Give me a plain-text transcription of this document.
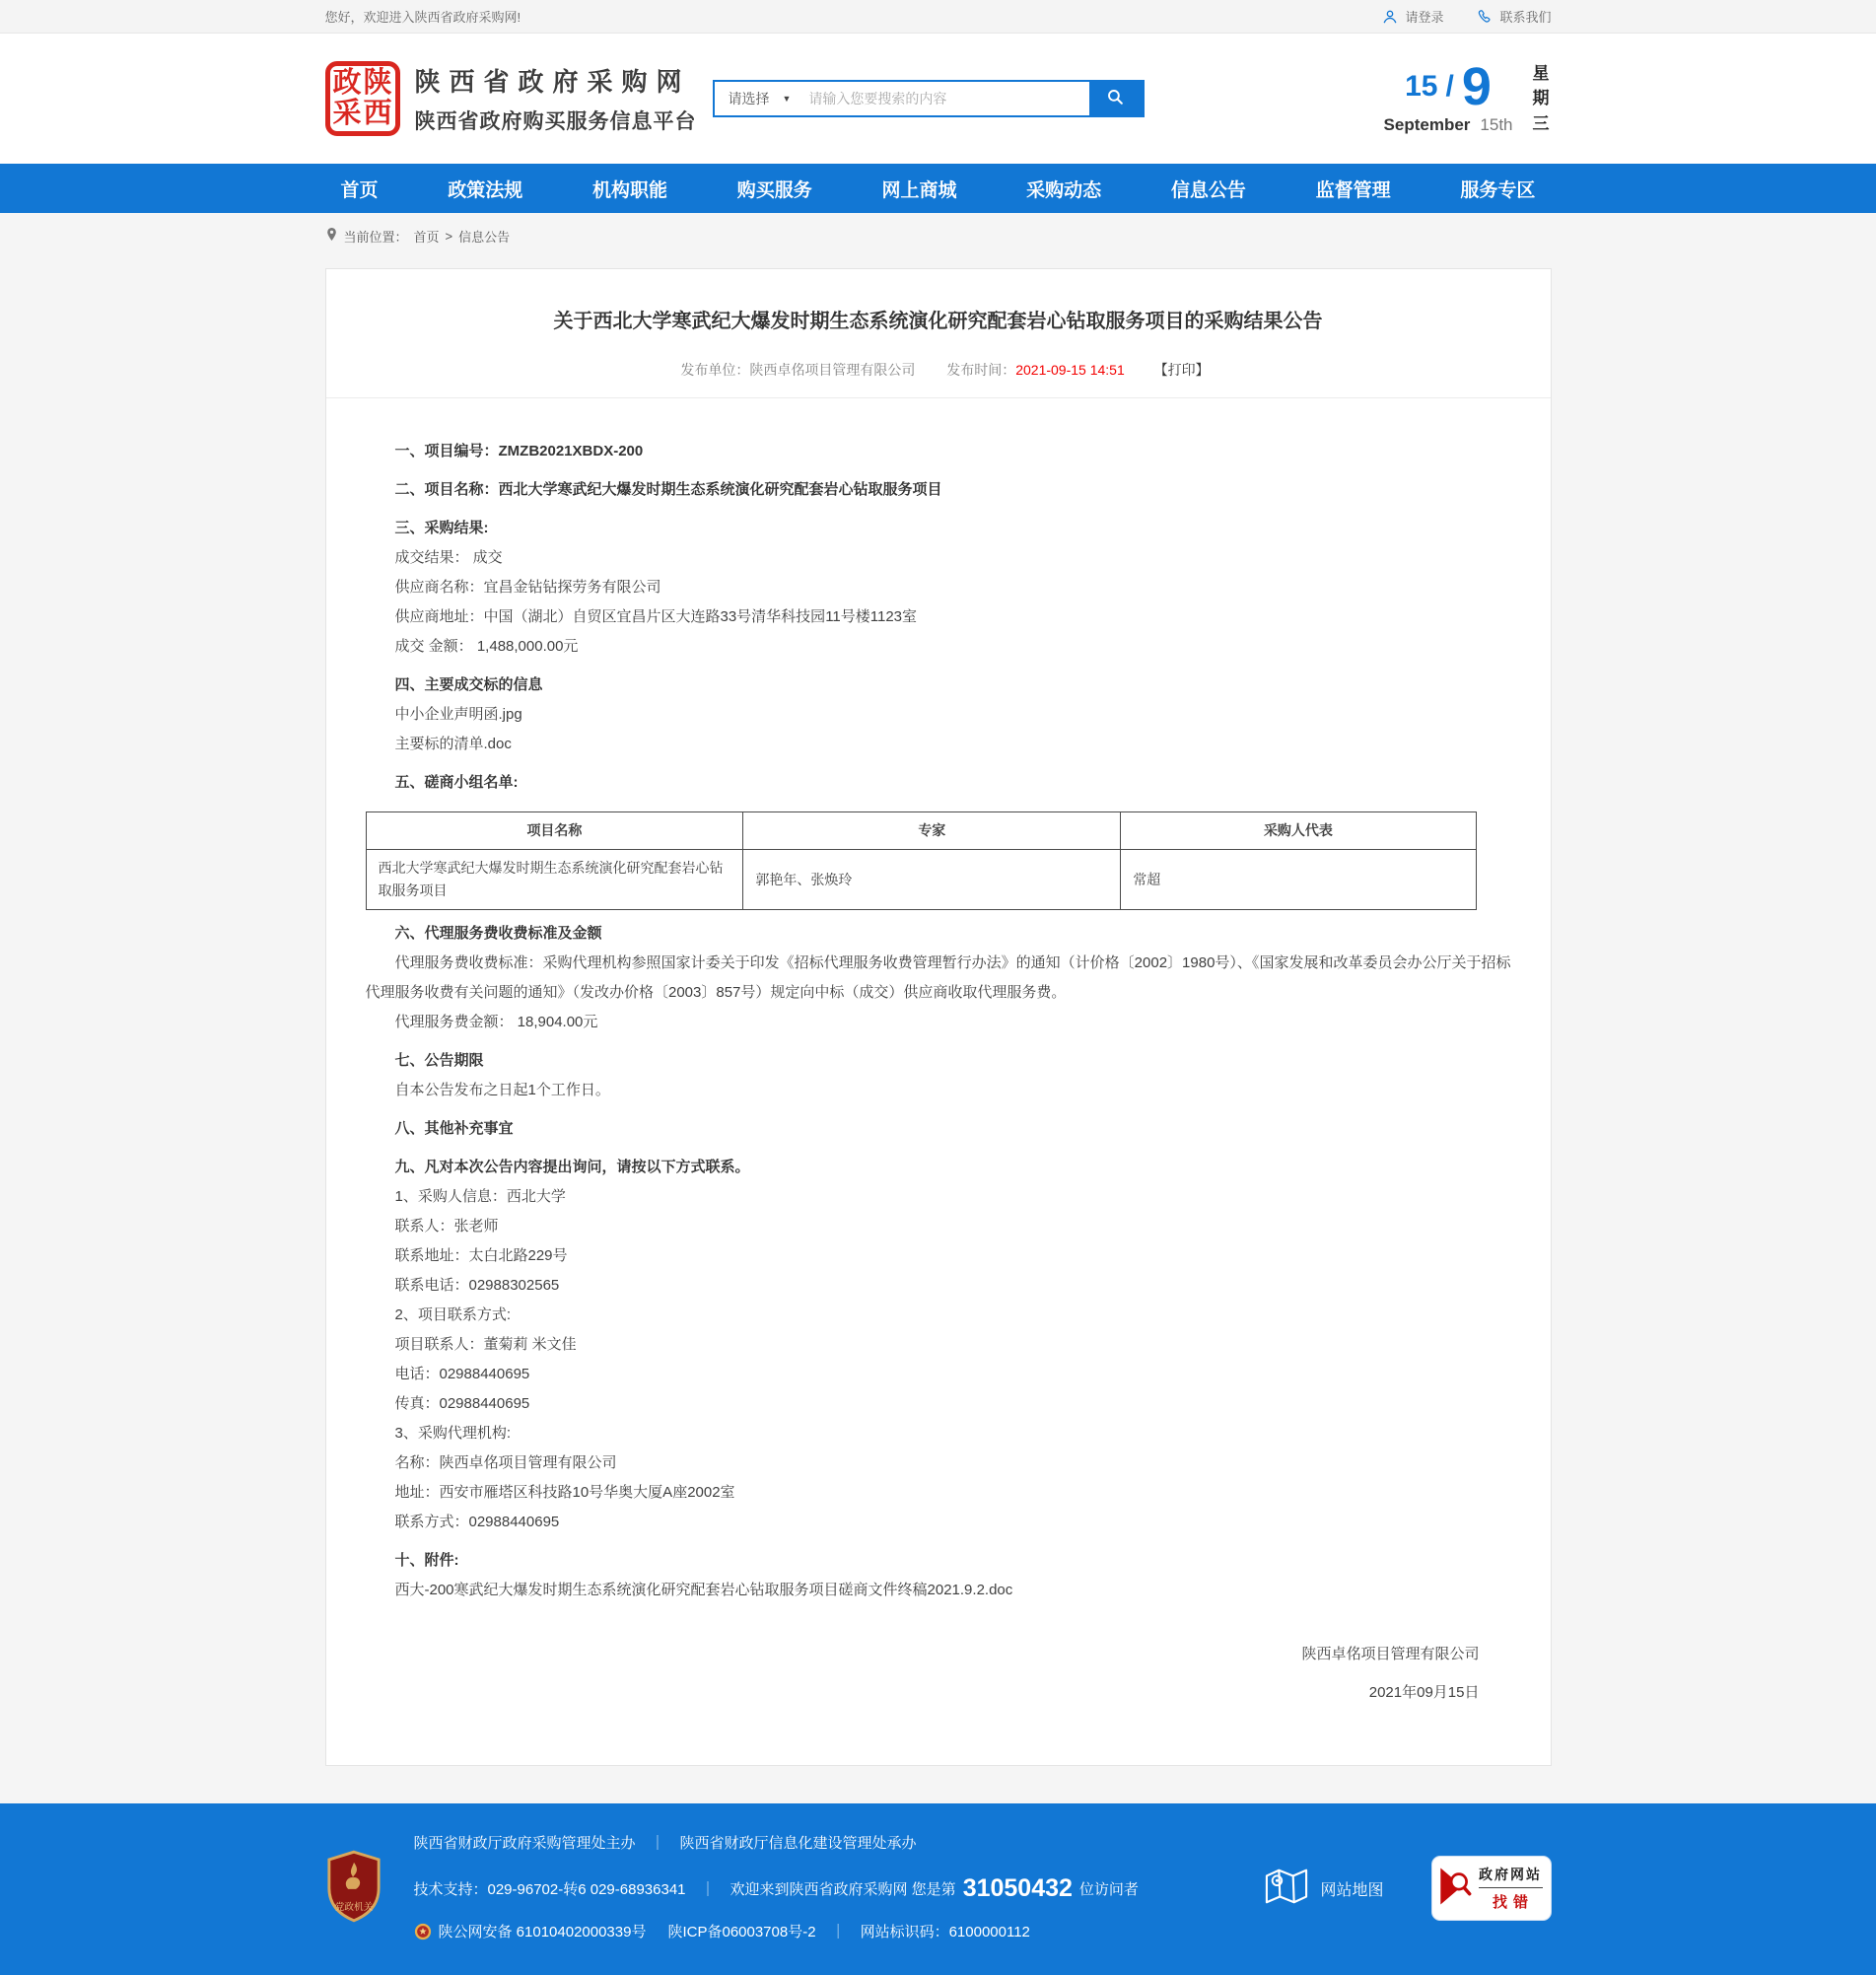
您好，欢迎进入陕西省政府采购网!	请登录	联系我们
政 陕
采 西
陕西省政府采购网
陕西省政府购买服务信息平台
请选择 ▼
请输入您要搜索的内容	15 / 9
September 15th
星期三
首页	政策法规	机构职能	购买服务	网上商城	采购动态	信息公告	监督管理	服务专区
当前位置： 首页 > 信息公告
关于西北大学寒武纪大爆发时期生态系统演化研究配套岩心钻取服务项目的采购结果公告
发布单位：陕西卓佲项目管理有限公司 发布时间：2021-09-15 14:51 【打印】

一、项目编号：ZMZB2021XBDX-200

二、项目名称：西北大学寒武纪大爆发时期生态系统演化研究配套岩心钻取服务项目

三、采购结果:

成交结果： 成交

供应商名称：宜昌金钻钻探劳务有限公司

供应商地址：中国（湖北）自贸区宜昌片区大连路33号清华科技园11号楼1123室

成交 金额： 1,488,000.00元

四、主要成交标的信息

中小企业声明函.jpg

主要标的清单.doc

五、磋商小组名单:

项目名称	专家	采购人代表
西北大学寒武纪大爆发时期生态系统演化研究配套岩心钻取服务项目	郭艳年、张焕玲	常超

六、代理服务费收费标准及金额

代理服务费收费标准：采购代理机构参照国家计委关于印发《招标代理服务收费管理暂行办法》的通知（计价格〔2002〕1980号）、《国家发展和改革委员会办公厅关于招标代理服务收费有关问题的通知》（发改办价格〔2003〕857号）规定向中标（成交）供应商收取代理服务费。

代理服务费金额： 18,904.00元

七、公告期限

自本公告发布之日起1个工作日。

八、其他补充事宜

九、凡对本次公告内容提出询问，请按以下方式联系。

1、采购人信息：西北大学

联系人：张老师

联系地址：太白北路229号

联系电话：02988302565

2、项目联系方式:

项目联系人：董菊莉 米文佳

电话：02988440695

传真：02988440695

3、采购代理机构:

名称：陕西卓佲项目管理有限公司

地址：西安市雁塔区科技路10号华奥大厦A座2002室

联系方式：02988440695

十、附件:

西大-200寒武纪大爆发时期生态系统演化研究配套岩心钻取服务项目磋商文件终稿2021.9.2.doc

陕西卓佲项目管理有限公司
2021年09月15日
党政机关
陕西省财政厅政府采购管理处主办 ｜ 陕西省财政厅信息化建设管理处承办
技术支持：029-96702-转6 029-68936341 ｜ 欢迎来到陕西省政府采购网 您是第 31050432 位访问者
陕公网安备 61010402000339号 陕ICP备06003708号-2 ｜ 网站标识码：6100000112
网站地图
政府网站
找错
